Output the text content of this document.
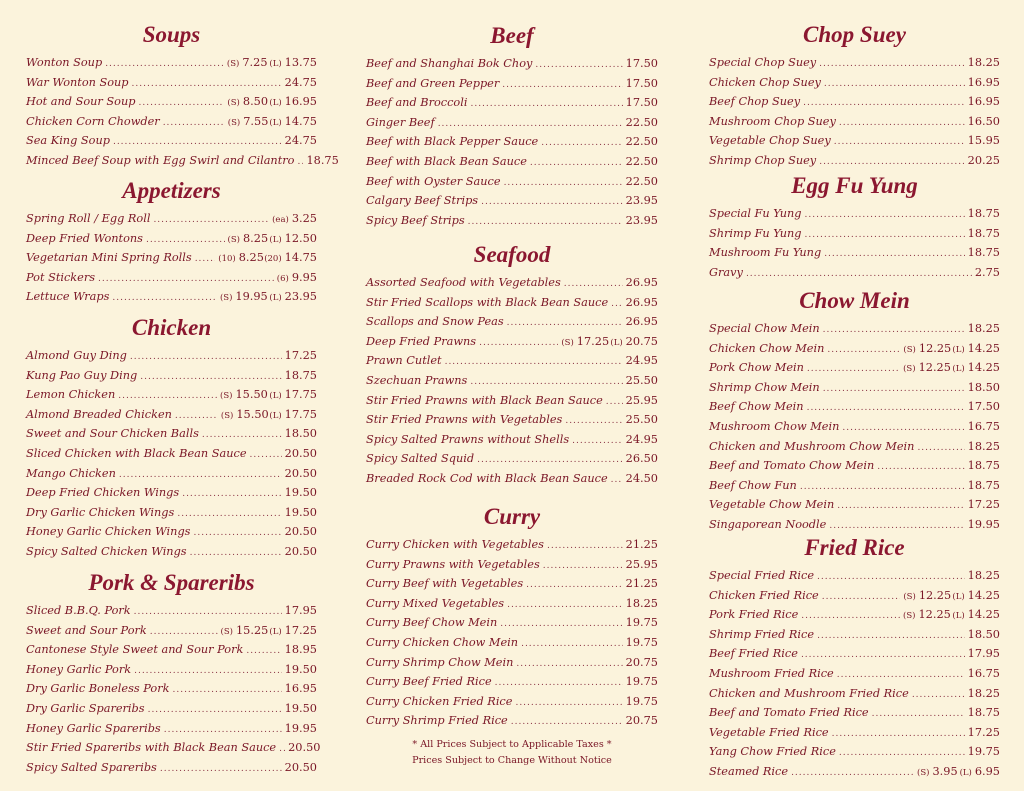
Soups
Wonton Soup .....	(S) 7.25 (L) 13.75
War Wonton Soup .....	24.75
Hot and Sour Soup .....	(S) 8.50 (L) 16.95
Chicken Corn Chowder .....	(S) 7.55 (L) 14.75
Sea King Soup .....	24.75
Minced Beef Soup with Egg Swirl and Cilantro ..... 18.75
Appetizers
Spring Roll / Egg Roll .....	(ea) 3.25
Deep Fried Wontons .....	(S) 8.25 (L) 12.50
Vegetarian Mini Spring Rolls .....	(10) 8.25 (20) 14.75
Pot Stickers .....	(6) 9.95
Lettuce Wraps .....	(S) 19.95 (L) 23.95
Chicken
Almond Guy Ding .....	17.25
Kung Pao Guy Ding .....	18.75
Lemon Chicken .....	(S) 15.50 (L) 17.75
Almond Breaded Chicken .....	(S) 15.50 (L) 17.75
Sweet and Sour Chicken Balls .....	18.50
Sliced Chicken with Black Bean Sauce .....	20.50
Mango Chicken .....	20.50
Deep Fried Chicken Wings .....	19.50
Dry Garlic Chicken Wings .....	19.50
Honey Garlic Chicken Wings .....	20.50
Spicy Salted Chicken Wings .....	20.50
Pork & Spareribs
Sliced B.B.Q. Pork .....	17.95
Sweet and Sour Pork .....	(S) 15.25 (L) 17.25
Cantonese Style Sweet and Sour Pork .....	18.95
Honey Garlic Pork .....	19.50
Dry Garlic Boneless Pork .....	16.95
Dry Garlic Spareribs .....	19.50
Honey Garlic Spareribs .....	19.95
Stir Fried Spareribs with Black Bean Sauce ..... 20.50
Spicy Salted Spareribs .....	20.50
Beef
Beef and Shanghai Bok Choy .....	17.50
Beef and Green Pepper .....	17.50
Beef and Broccoli .....	17.50
Ginger Beef .....	22.50
Beef with Black Pepper Sauce .....	22.50
Beef with Black Bean Sauce .....	22.50
Beef with Oyster Sauce .....	22.50
Calgary Beef Strips .....	23.95
Spicy Beef Strips .....	23.95
Seafood
Assorted Seafood with Vegetables .....	26.95
Stir Fried Scallops with Black Bean Sauce ..... 26.95
Scallops and Snow Peas .....	26.95
Deep Fried Prawns .....	(S) 17.25 (L) 20.75
Prawn Cutlet .....	24.95
Szechuan Prawns .....	25.50
Stir Fried Prawns with Black Bean Sauce ..... 25.95
Stir Fried Prawns with Vegetables .....	25.50
Spicy Salted Prawns without Shells .....	24.95
Spicy Salted Squid .....	26.50
Breaded Rock Cod with Black Bean Sauce ..... 24.50
Curry
Curry Chicken with Vegetables .....	21.25
Curry Prawns with Vegetables .....	25.95
Curry Beef with Vegetables .....	21.25
Curry Mixed Vegetables .....	18.25
Curry Beef Chow Mein .....	19.75
Curry Chicken Chow Mein .....	19.75
Curry Shrimp Chow Mein .....	20.75
Curry Beef Fried Rice .....	19.75
Curry Chicken Fried Rice .....	19.75
Curry Shrimp Fried Rice .....	20.75
* All Prices Subject to Applicable Taxes *
Prices Subject to Change Without Notice
Chop Suey
Special Chop Suey .....	18.25
Chicken Chop Suey .....	16.95
Beef Chop Suey .....	16.95
Mushroom Chop Suey .....	16.50
Vegetable Chop Suey .....	15.95
Shrimp Chop Suey .....	20.25
Egg Fu Yung
Special Fu Yung .....	18.75
Shrimp Fu Yung .....	18.75
Mushroom Fu Yung .....	18.75
Gravy .....	2.75
Chow Mein
Special Chow Mein .....	18.25
Chicken Chow Mein .....	(S) 12.25 (L) 14.25
Pork Chow Mein .....	(S) 12.25 (L) 14.25
Shrimp Chow Mein .....	18.50
Beef Chow Mein .....	17.50
Mushroom Chow Mein .....	16.75
Chicken and Mushroom Chow Mein .....	18.25
Beef and Tomato Chow Mein .....	18.75
Beef Chow Fun .....	18.75
Vegetable Chow Mein .....	17.25
Singaporean Noodle .....	19.95
Fried Rice
Special Fried Rice .....	18.25
Chicken Fried Rice .....	(S) 12.25 (L) 14.25
Pork Fried Rice .....	(S) 12.25 (L) 14.25
Shrimp Fried Rice .....	18.50
Beef Fried Rice .....	17.95
Mushroom Fried Rice .....	16.75
Chicken and Mushroom Fried Rice .....	18.25
Beef and Tomato Fried Rice .....	18.75
Vegetable Fried Rice .....	17.25
Yang Chow Fried Rice .....	19.75
Steamed Rice .....	(S) 3.95 (L) 6.95
